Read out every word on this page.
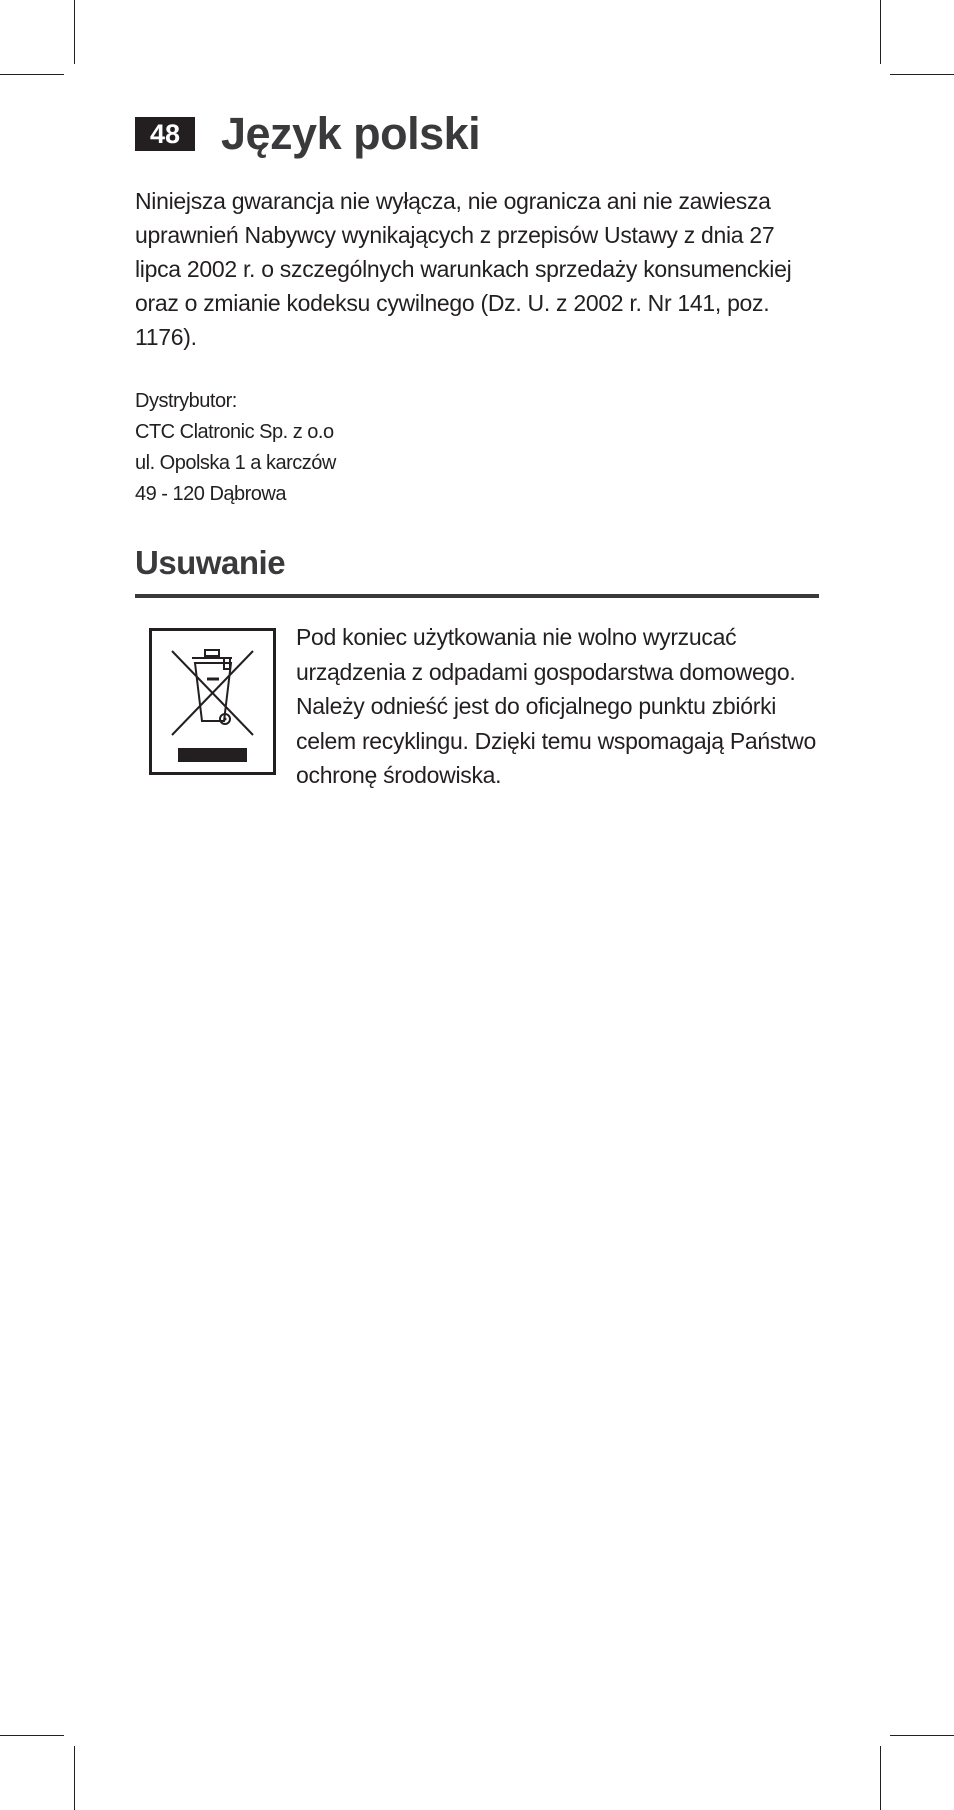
48 Język polski

Niniejsza gwarancja nie wyłącza, nie ogranicza ani nie zawiesza uprawnień Nabywcy wynikających z przepisów Ustawy z dnia 27 lipca 2002 r. o szczególnych warunkach sprzedaży konsumenckiej oraz o zmianie kodeksu cywilnego (Dz. U. z 2002 r. Nr 141, poz. 1176).

Dystrybutor:
CTC Clatronic Sp. z o.o
ul. Opolska 1 a karczów
49 - 120 Dąbrowa
Usuwanie

Pod koniec użytkowania nie wolno wyrzucać urządzenia z odpadami gospodarstwa domowego. Należy odnieść jest do oficjalnego punktu zbiórki celem recyklingu. Dzięki temu wspomagają Państwo ochronę środowiska.
